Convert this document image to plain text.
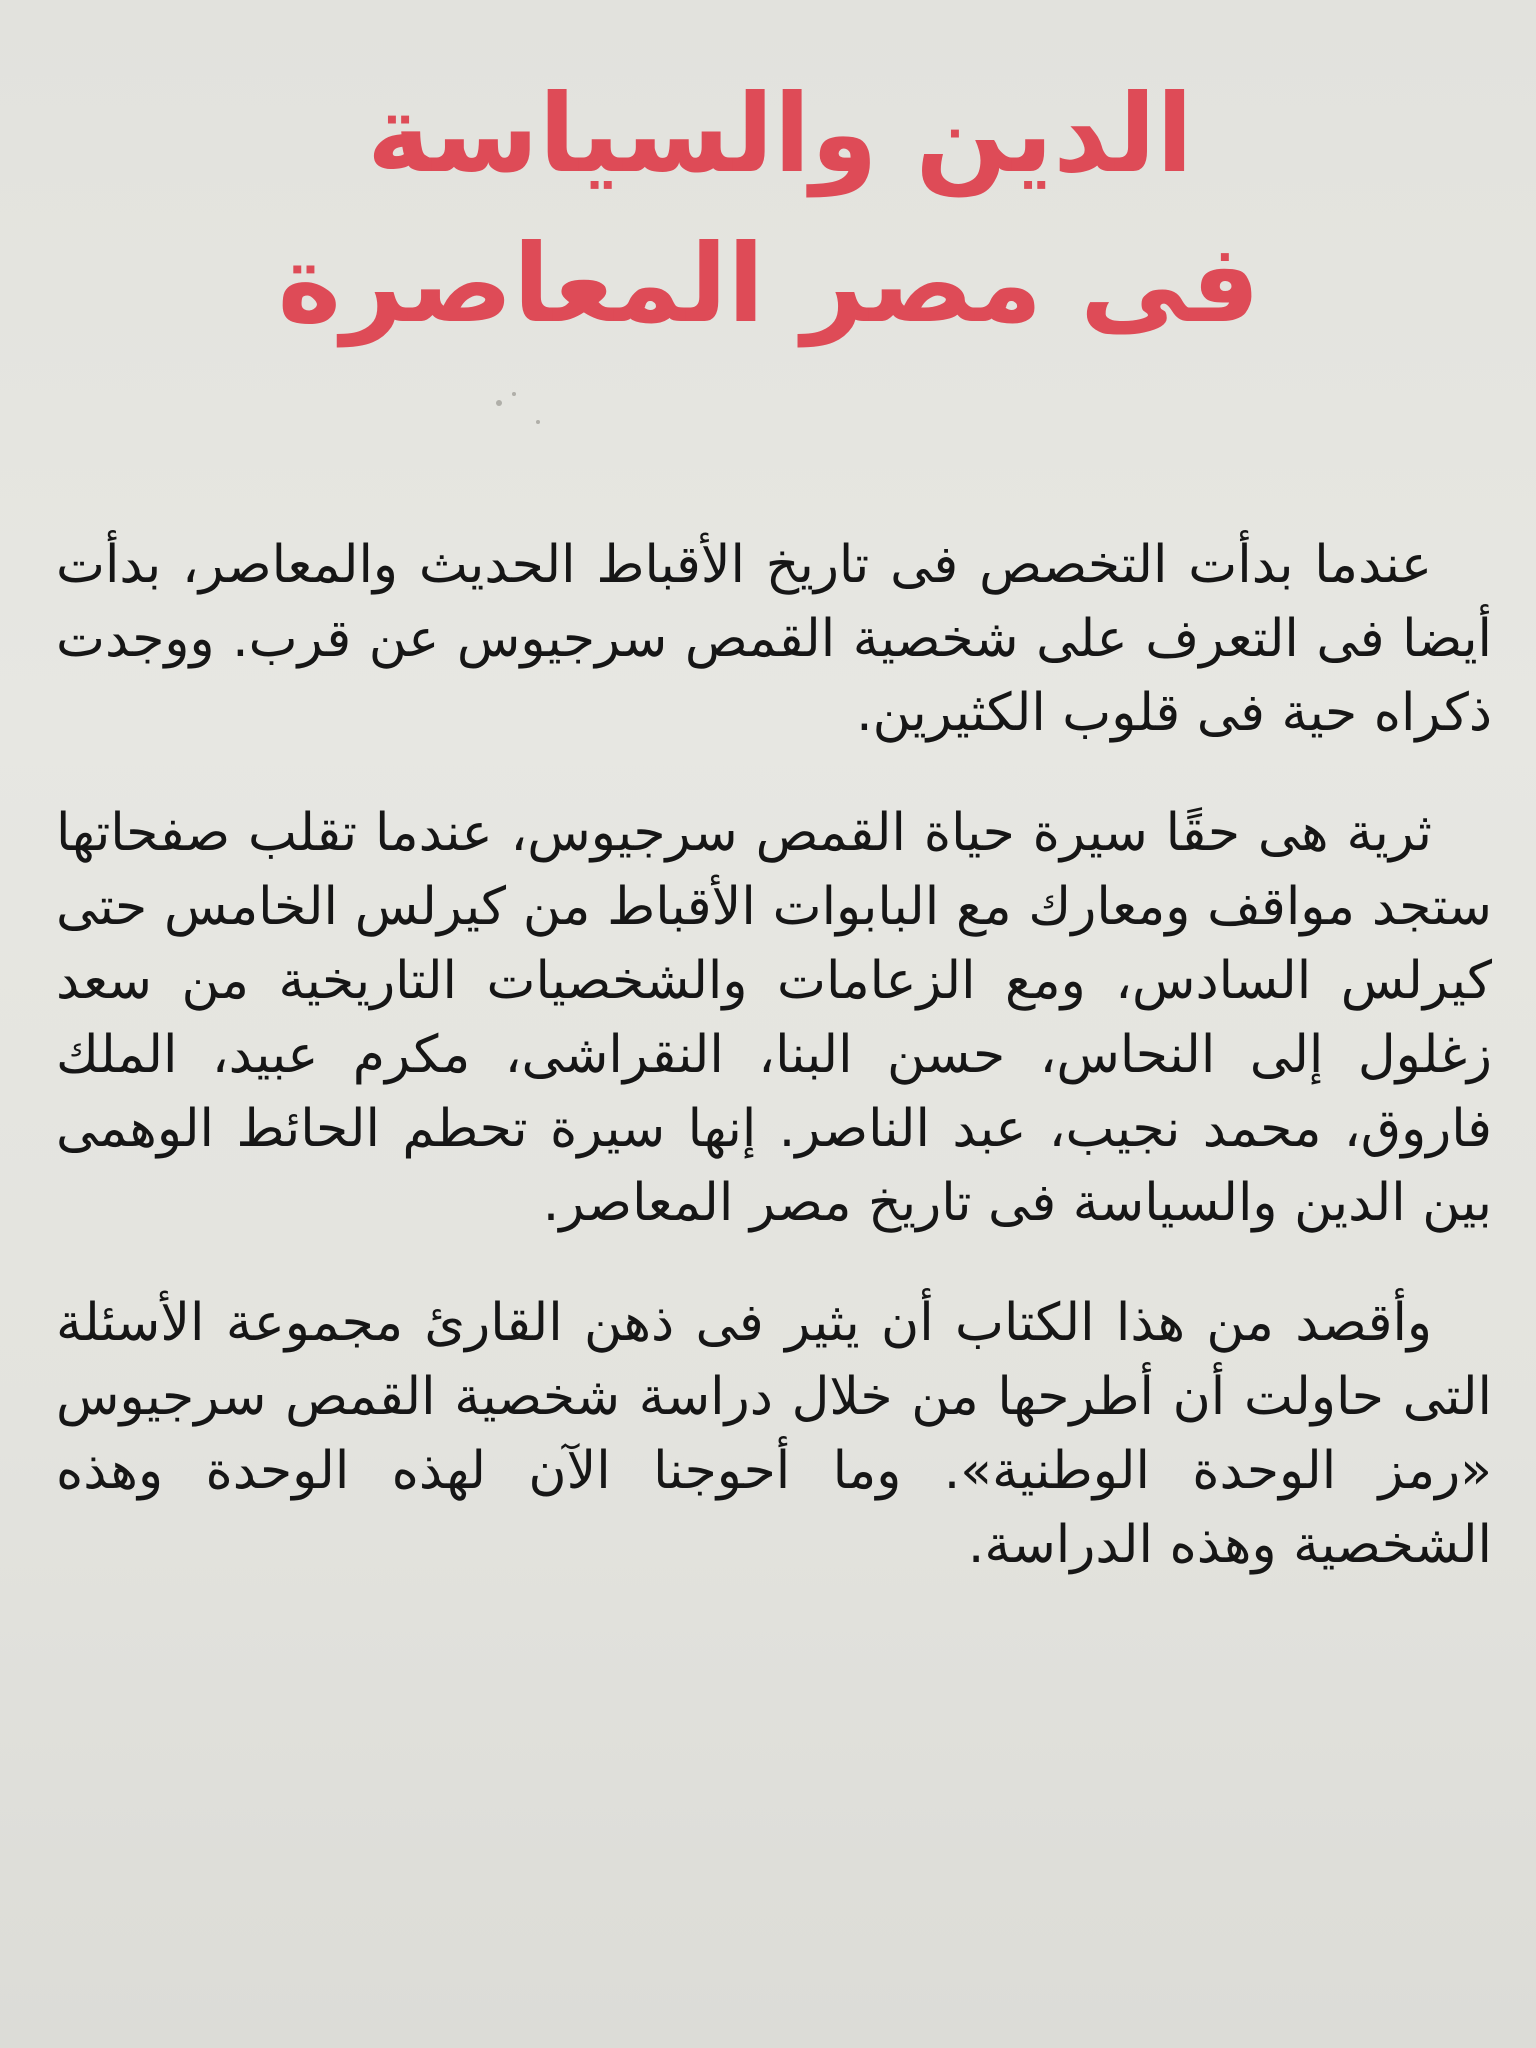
الدين والسياسة
فى مصر المعاصرة

عندما بدأت التخصص فى تاريخ الأقباط الحديث والمعاصر، بدأت أيضا فى التعرف على شخصية القمص سرجيوس عن قرب. ووجدت ذكراه حية فى قلوب الكثيرين.

ثرية هى حقًا سيرة حياة القمص سرجيوس، عندما تقلب صفحاتها ستجد مواقف ومعارك مع البابوات الأقباط من كيرلس الخامس حتى كيرلس السادس، ومع الزعامات والشخصيات التاريخية من سعد زغلول إلى النحاس، حسن البنا، النقراشى، مكرم عبيد، الملك فاروق، محمد نجيب، عبد الناصر. إنها سيرة تحطم الحائط الوهمى بين الدين والسياسة فى تاريخ مصر المعاصر.

وأقصد من هذا الكتاب أن يثير فى ذهن القارئ مجموعة الأسئلة التى حاولت أن أطرحها من خلال دراسة شخصية القمص سرجيوس «رمز الوحدة الوطنية». وما أحوجنا الآن لهذه الوحدة وهذه الشخصية وهذه الدراسة.
